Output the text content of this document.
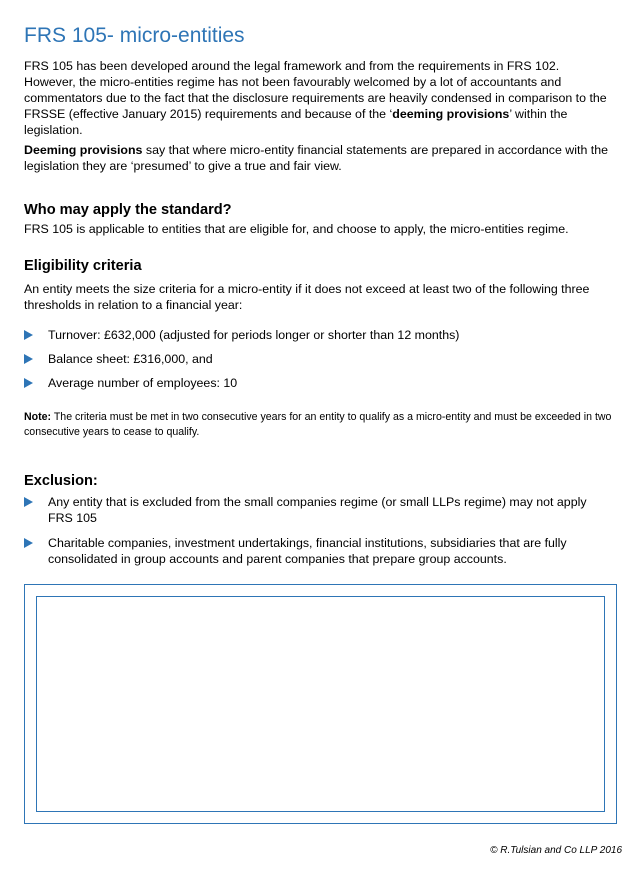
FRS 105- micro-entities

FRS 105 has been developed around the legal framework and from the requirements in FRS 102. However, the micro-entities regime has not been favourably welcomed by a lot of accountants and commentators due to the fact that the disclosure requirements are heavily condensed in comparison to the FRSSE (effective January 2015) requirements and because of the ‘deeming provisions’ within the legislation.

Deeming provisions say that where micro-entity financial statements are prepared in accordance with the legislation they are ‘presumed’ to give a true and fair view.

Who may apply the standard?

FRS 105 is applicable to entities that are eligible for, and choose to apply, the micro-entities regime.

Eligibility criteria

An entity meets the size criteria for a micro-entity if it does not exceed at least two of the following three thresholds in relation to a financial year:

Turnover: £632,000 (adjusted for periods longer or shorter than 12 months)
Balance sheet: £316,000, and
Average number of employees: 10

Note: The criteria must be met in two consecutive years for an entity to qualify as a micro-entity and must be exceeded in two consecutive years to cease to qualify.

Exclusion:
Any entity that is excluded from the small companies regime (or small LLPs regime) may not apply FRS 105
Charitable companies, investment undertakings, financial institutions, subsidiaries that are fully consolidated in group accounts and parent companies that prepare group accounts.
© R.Tulsian and Co LLP 2016
